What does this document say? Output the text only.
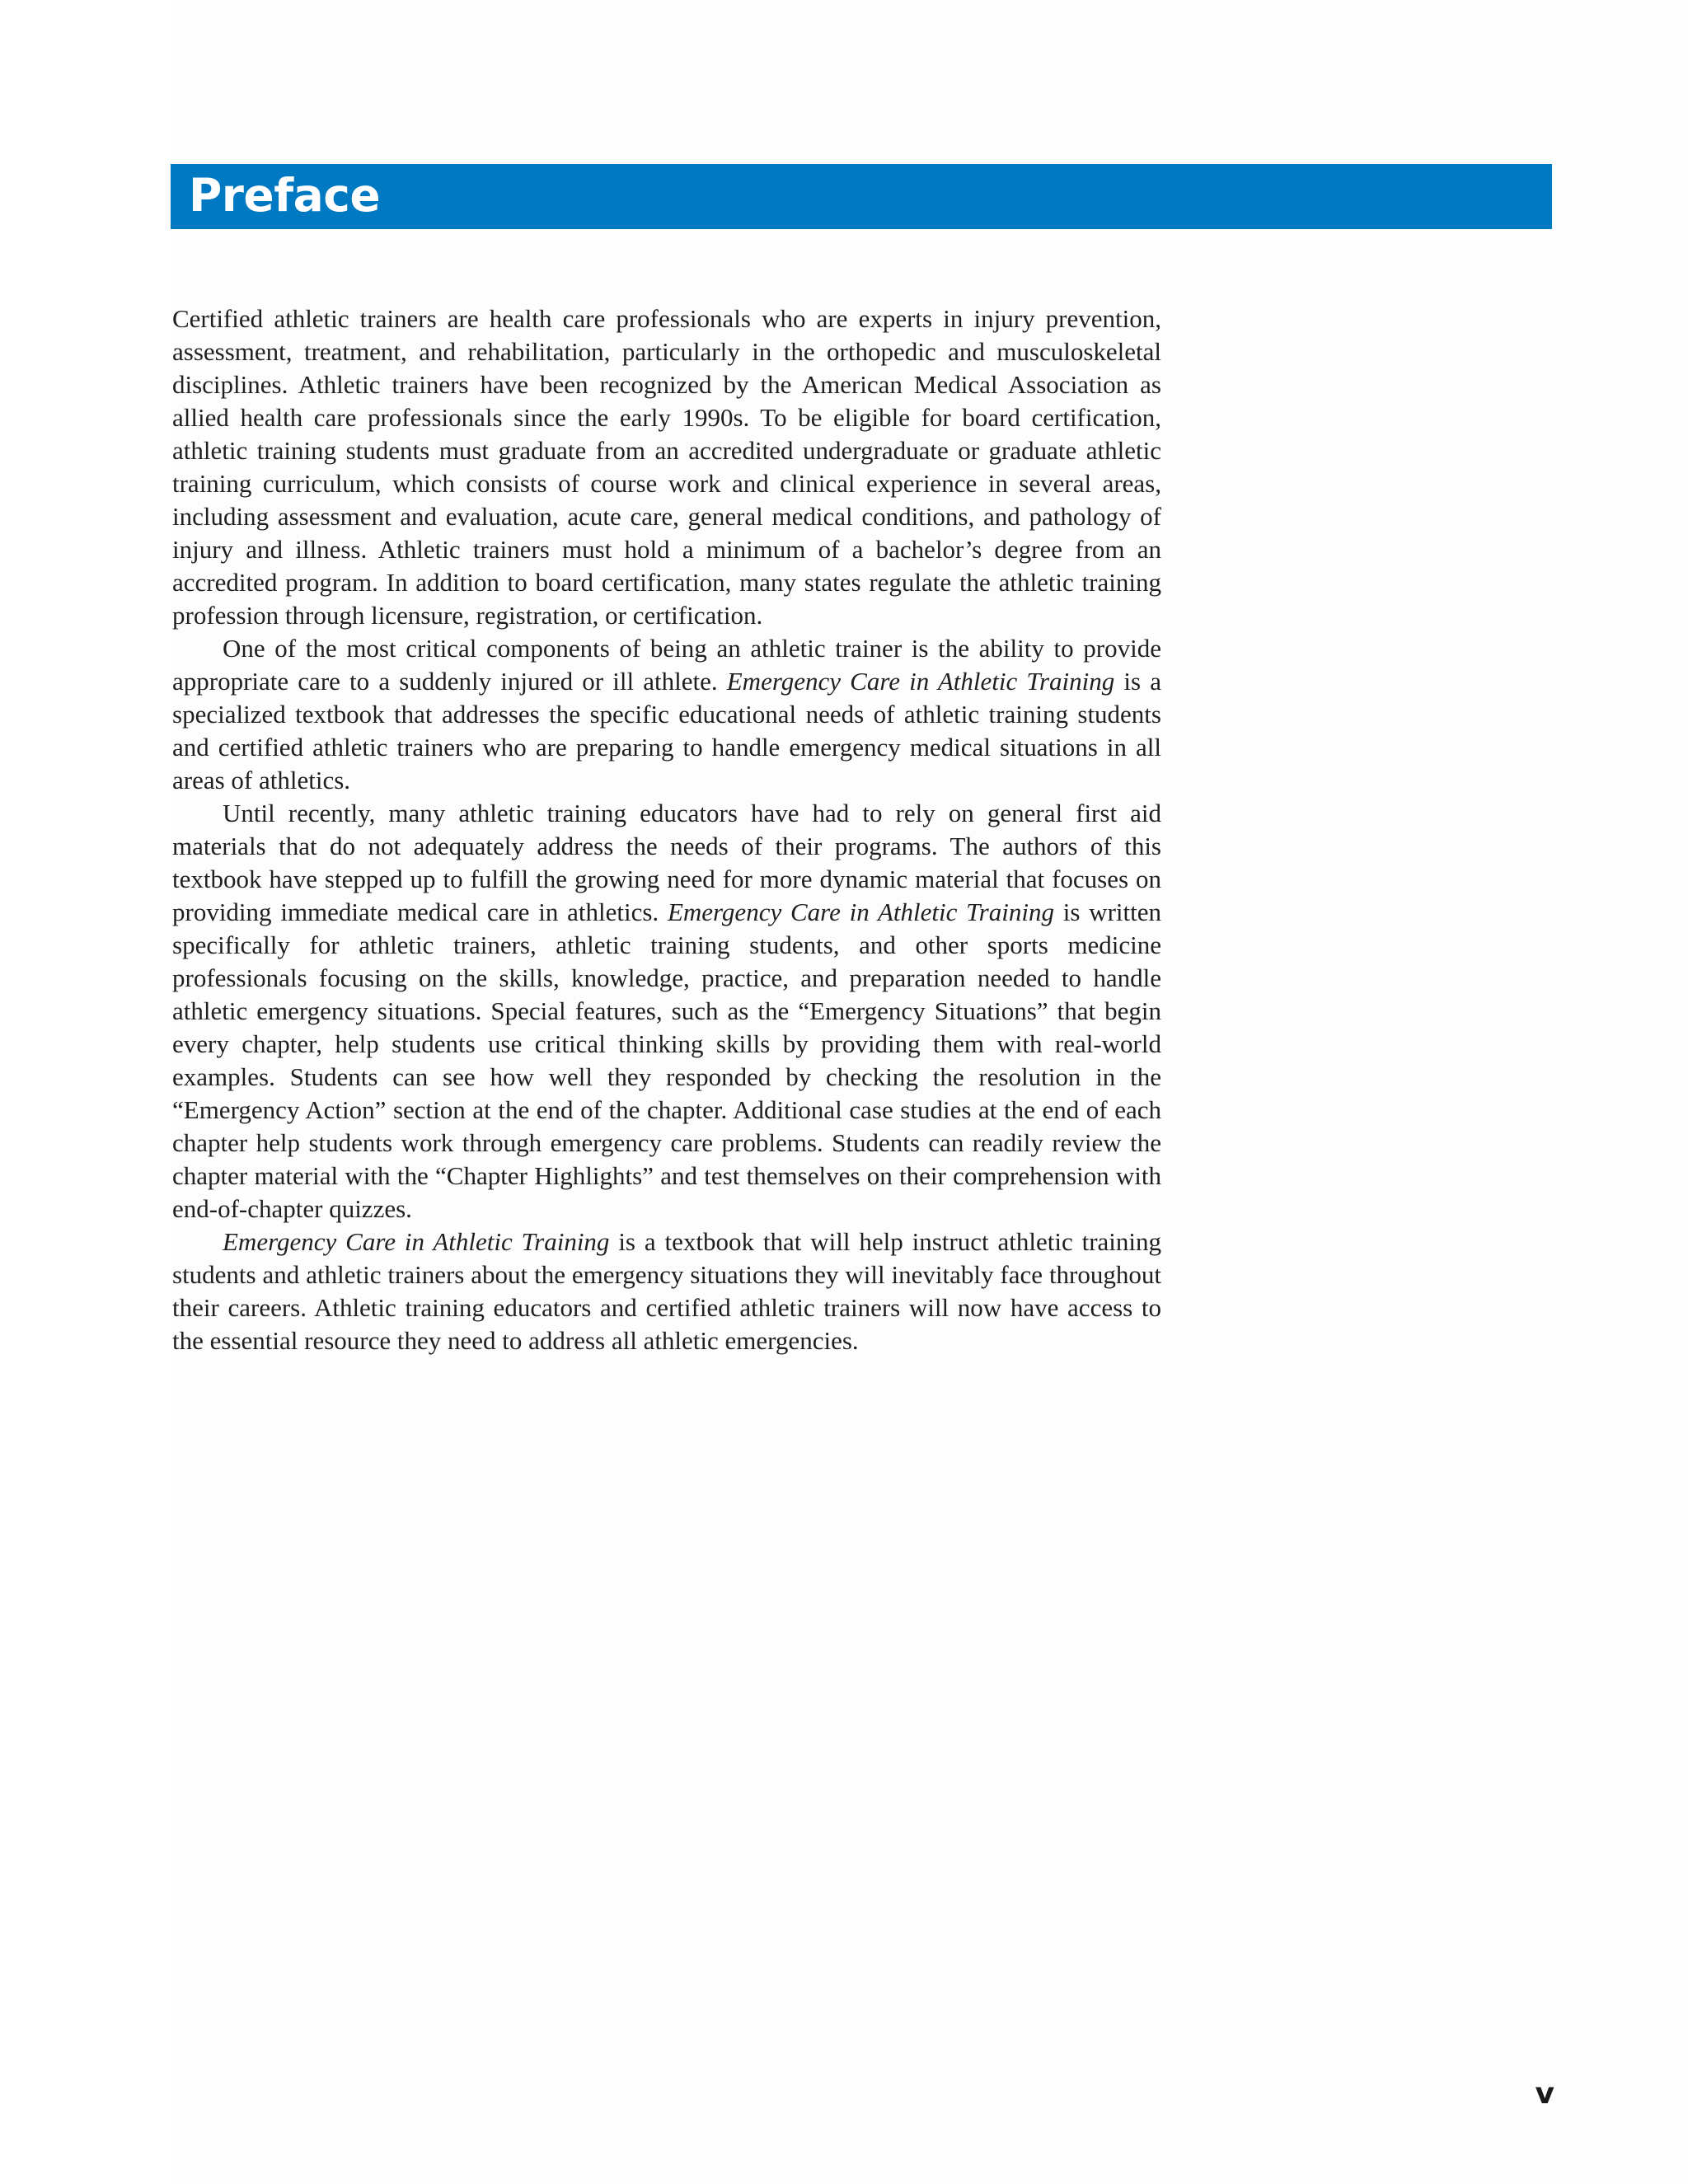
Preface

Certified athletic trainers are health care professionals who are experts in injury prevention, assessment, treatment, and rehabilitation, particularly in the orthopedic and musculoskeletal disciplines. Athletic trainers have been recognized by the American Medical Association as allied health care professionals since the early 1990s. To be eligible for board certification, athletic training students must graduate from an accredited undergraduate or graduate athletic training curriculum, which consists of course work and clinical experience in several areas, including assessment and evaluation, acute care, general medical conditions, and pathology of injury and illness. Athletic trainers must hold a minimum of a bachelor’s degree from an accredited program. In addition to board certification, many states regulate the athletic training profession through licensure, registration, or certification.

One of the most critical components of being an athletic trainer is the ability to provide appropriate care to a suddenly injured or ill athlete. Emergency Care in Athletic Training is a specialized textbook that addresses the specific educational needs of athletic training students and certified athletic trainers who are preparing to handle emergency medical situations in all areas of athletics.

Until recently, many athletic training educators have had to rely on general first aid materials that do not adequately address the needs of their programs. The authors of this textbook have stepped up to fulfill the growing need for more dynamic material that focuses on providing immediate medical care in athletics. Emergency Care in Athletic Training is written specifically for athletic trainers, athletic training students, and other sports medicine professionals focusing on the skills, knowledge, practice, and preparation needed to handle athletic emergency situations. Special features, such as the “Emergency Situations” that begin every chapter, help students use critical thinking skills by providing them with real-world examples. Students can see how well they responded by checking the resolution in the “Emergency Action” section at the end of the chapter. Additional case studies at the end of each chapter help students work through emergency care problems. Students can readily review the chapter material with the “Chapter Highlights” and test themselves on their comprehension with end-of-chapter quizzes.

Emergency Care in Athletic Training is a textbook that will help instruct athletic training students and athletic trainers about the emergency situations they will inevitably face throughout their careers. Athletic training educators and certified athletic trainers will now have access to the essential resource they need to address all athletic emergencies.

v
